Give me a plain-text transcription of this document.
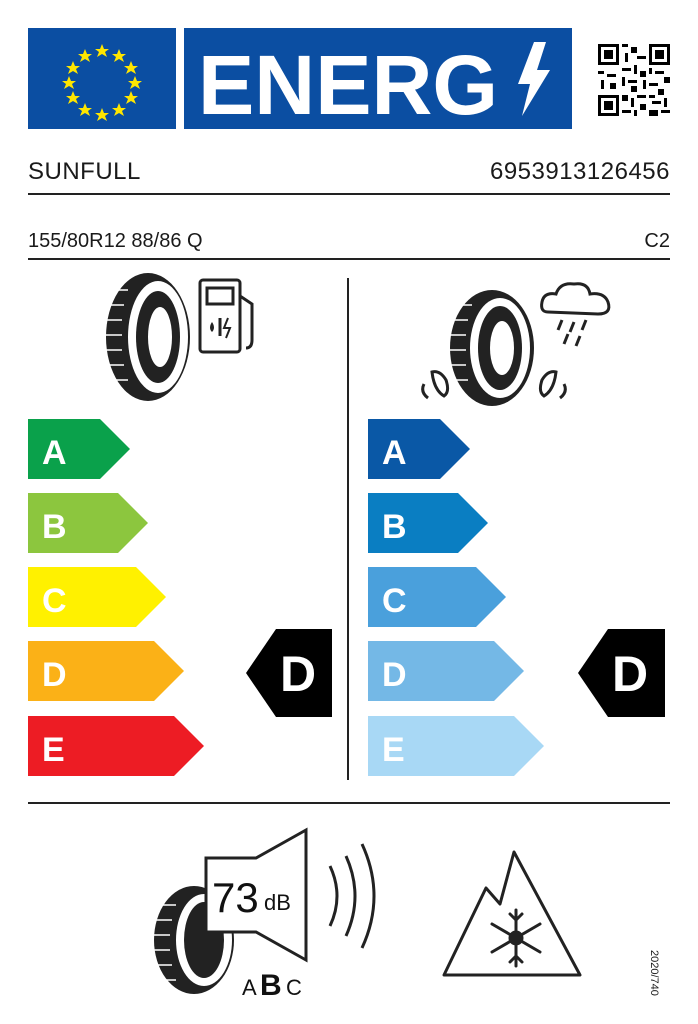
ENERG
SUNFULL	6953913126456
155/80R12 88/86 Q	C2
A
B
C
D
E
D
A
B
C
D
E
D
73 dB
A B C	2020/740
